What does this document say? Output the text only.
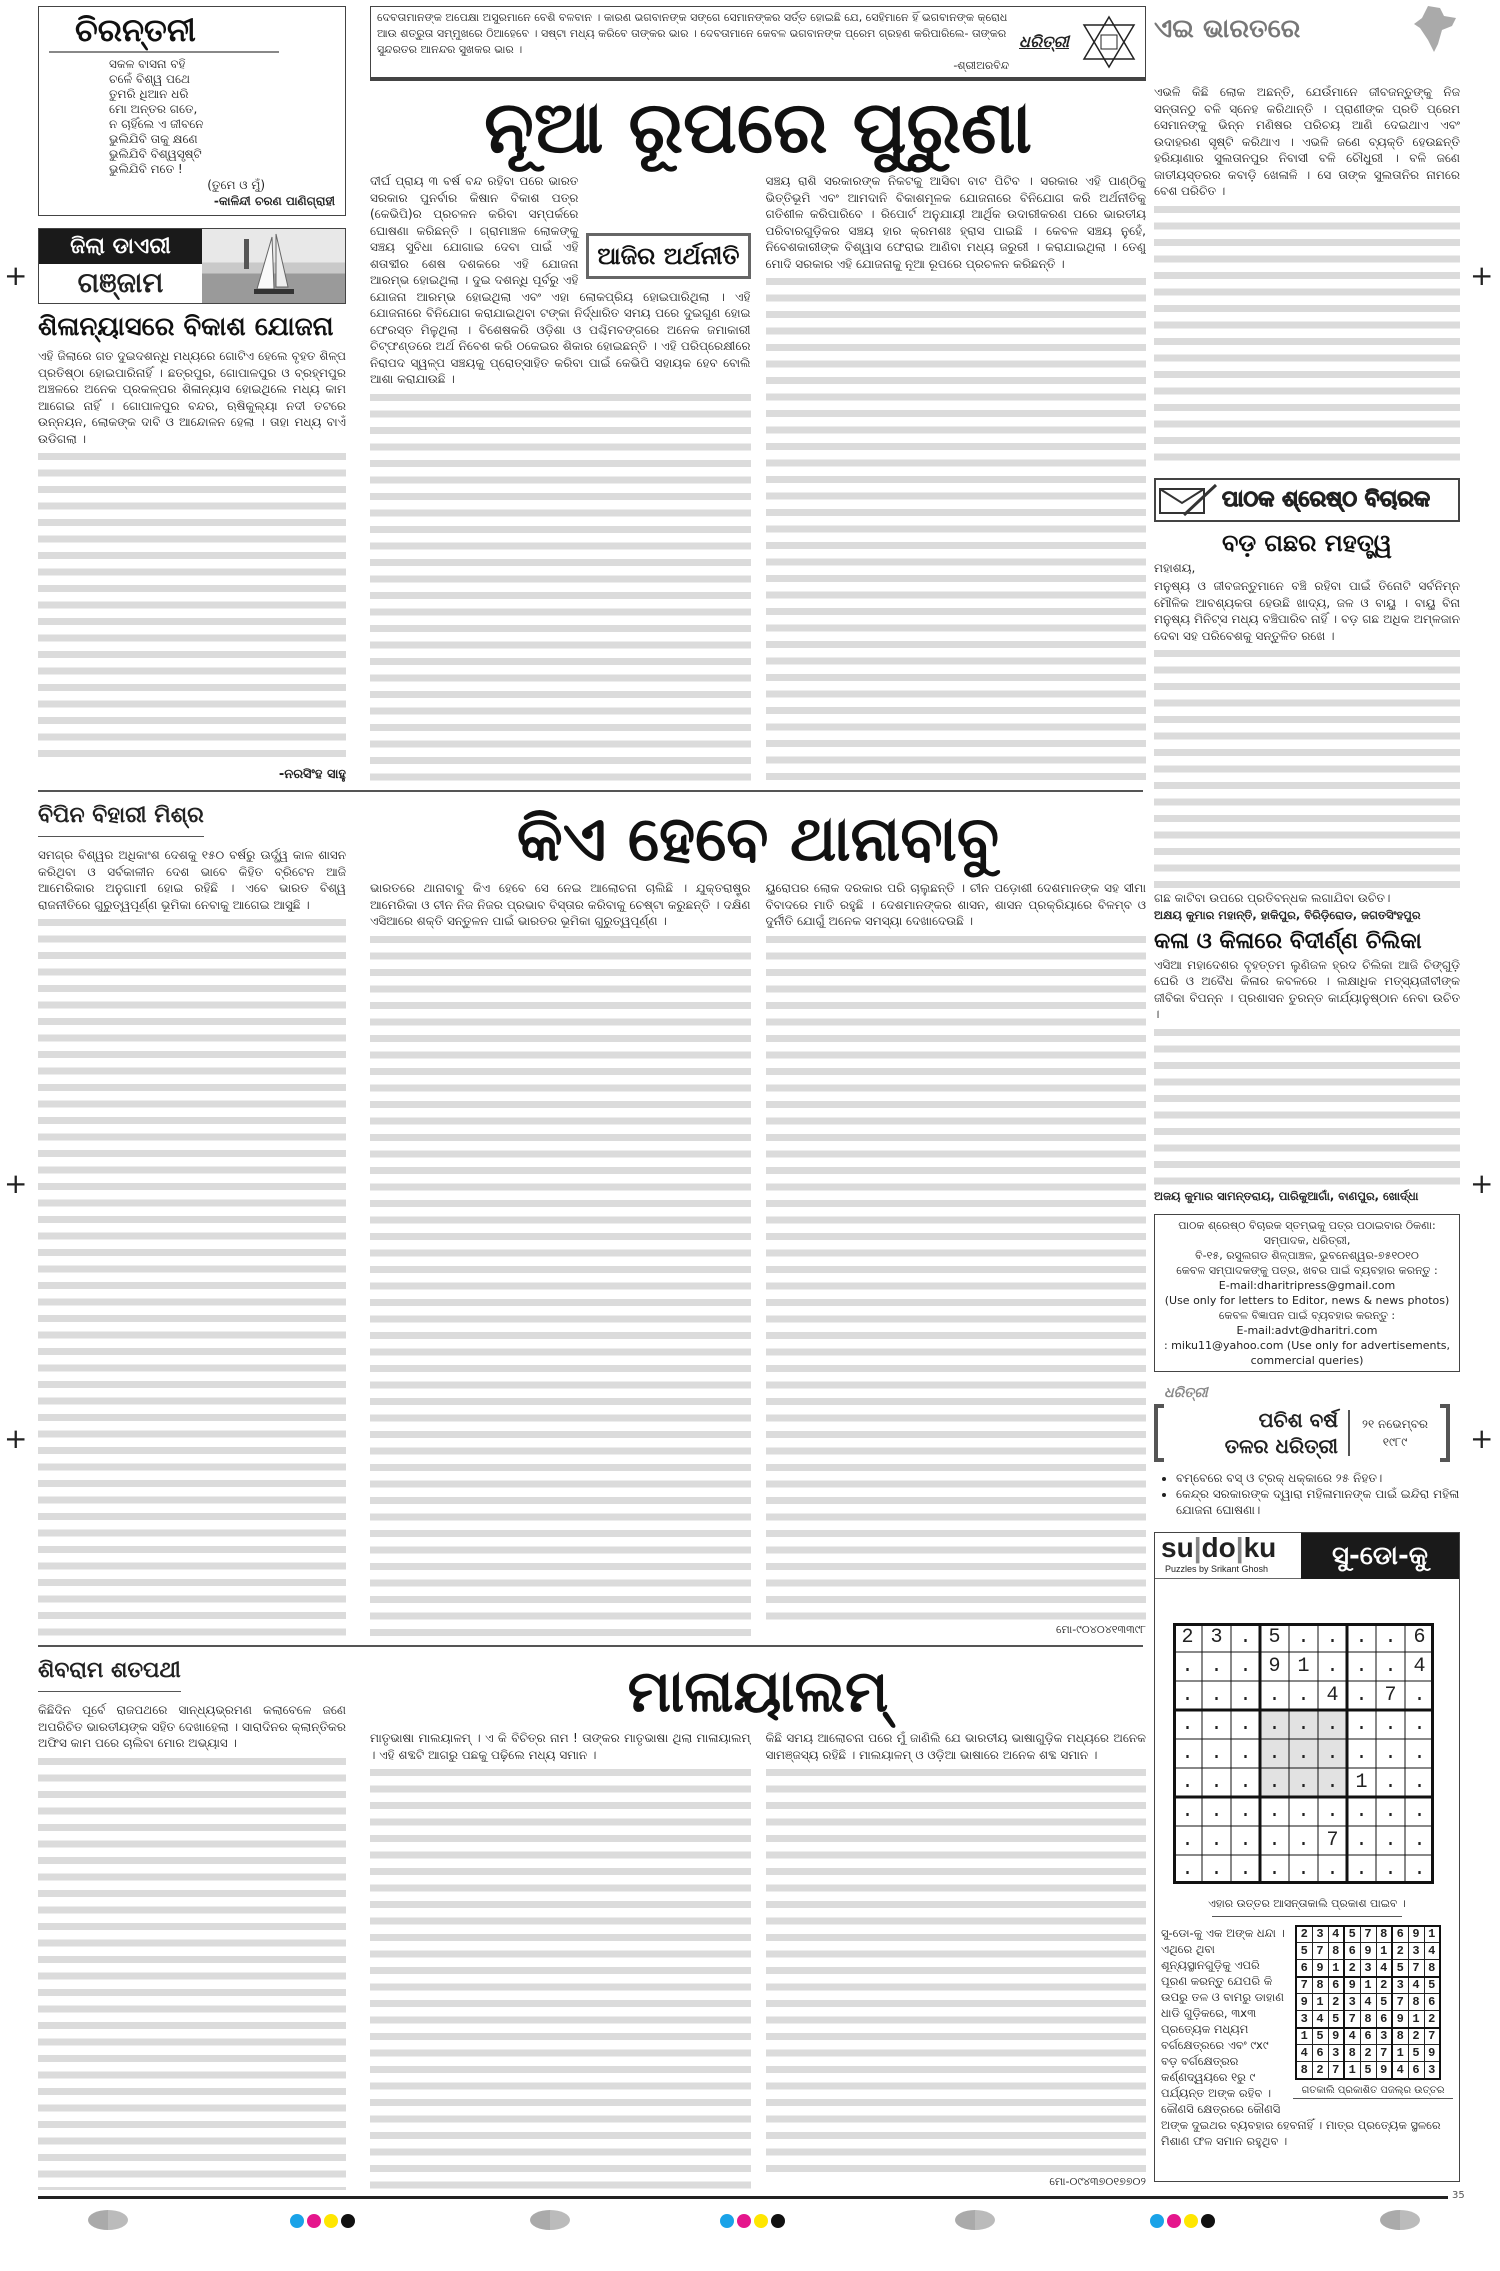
ଚିରନ୍ତନୀ
ସକଳ ବାସନା ବହି
ଚଳେଁ ବିଶ୍ୱ ପଥେ
ତୁମରି ଧିଆନ ଧରି
ମୋ ଅନ୍ତର ଗତେ,
ନ ଚାହିଁଲେ ଏ ଜୀବନେ
ଭୁଲିଯିବି ତାକୁ କ୍ଷଣେ
ଭୁଲିଯିବି ବିଶ୍ୱସୃଷ୍ଟି
ଭୁଲିଯିବି ମତେ !
(ତୁମେ ଓ ମୁଁ)
-କାଳିନ୍ଦୀ ଚରଣ ପାଣିଗ୍ରାହୀ
ଜିଲା ଡାଏରୀ
ଗଞ୍ଜାମ
ଶିଳାନ୍ୟାସରେ ବିକାଶ ଯୋଜନା

ଏହି ଜିଲାରେ ଗତ ଦୁଇଦଶନ୍ଧି ମଧ୍ୟରେ ଗୋଟିଏ ହେଲେ ବୃହତ ଶିଳ୍ପ ପ୍ରତିଷ୍ଠା ହୋଇପାରିନାହିଁ । ଛତ୍ରପୁର, ଗୋପାଳପୁର ଓ ବ୍ରହ୍ମପୁର ଅଞ୍ଚଳରେ ଅନେକ ପ୍ରକଳ୍ପର ଶିଳାନ୍ୟାସ ହୋଇଥିଲେ ମଧ୍ୟ କାମ ଆଗେଇ ନାହିଁ । ଗୋପାଳପୁର ବନ୍ଦର, ଋଷିକୁଲ୍ୟା ନଦୀ ତଟରେ ଉନ୍ନୟନ, ଲୋକଙ୍କ ଦାବି ଓ ଆନ୍ଦୋଳନ ହେଲା । ତାହା ମଧ୍ୟ ବାଏଁ ଉଡିଗଲା ।

-ନରସିଂହ ସାହୁ
ଦେବତାମାନଙ୍କ ଅପେକ୍ଷା ଅସୁରମାନେ ବେଶି ବଳବାନ । କାରଣ ଭଗବାନଙ୍କ ସଙ୍ଗେ ସେମାନଙ୍କର ସର୍ତ୍ତ ହୋଇଛି ଯେ, ସେହିମାନେ ହିଁ ଭଗବାନଙ୍କ କ୍ରୋଧ ଆଉ ଶତ୍ରୁତା ସମ୍ମୁଖରେ ଠିଆହେବେ । ସଷ୍ଟା ମଧ୍ୟ କରିବେ ତାଙ୍କର ଭାର । ଦେବତାମାନେ କେବଳ ଭଗବାନଙ୍କ ପ୍ରେମ ଗ୍ରହଣ କରିପାରିଲେ- ତାଙ୍କର ସୁନ୍ଦରତର ଆନନ୍ଦର ସୁଖକର ଭାର ।
-ଶ୍ରୀଅରବିନ୍ଦ
ଧରିତ୍ରୀ
ନୂଆ ରୂପରେ ପୁରୁଣା
ଆଜିର ଅର୍ଥନୀତି

ଦୀର୍ଘ ପ୍ରାୟ ୩ ବର୍ଷ ବନ୍ଦ ରହିବା ପରେ ଭାରତ ସରକାର ପୁନର୍ବାର କିଷାନ ବିକାଶ ପତ୍ର (କେଭିପି)ର ପ୍ରଚଳନ କରିବା ସମ୍ପର୍କରେ ଘୋଷଣା କରିଛନ୍ତି । ଗ୍ରାମାଞ୍ଚଳ ଲୋକଙ୍କୁ ସଞ୍ଚୟ ସୁବିଧା ଯୋଗାଇ ଦେବା ପାଇଁ ଏହି ଶତାବ୍ଦୀର ଶେଷ ଦଶକରେ ଏହି ଯୋଜନା ଆରମ୍ଭ ହୋଇଥିଲା । ଦୁଇ ଦଶନ୍ଧି ପୂର୍ବରୁ ଏହି ଯୋଜନା ଆରମ୍ଭ ହୋଇଥିଲା ଏବଂ ଏହା ଲୋକପ୍ରିୟ ହୋଇପାରିଥିଲା । ଏହି ଯୋଜନାରେ ବିନିଯୋଗ କରାଯାଇଥିବା ଟଙ୍କା ନିର୍ଦ୍ଧାରିତ ସମୟ ପରେ ଦୁଇଗୁଣ ହୋଇ ଫେରସ୍ତ ମିଳୁଥିଲା । ବିଶେଷକରି ଓଡ଼ିଶା ଓ ପଶ୍ଚିମବଙ୍ଗରେ ଅନେକ ଜମାକାରୀ ଚିଟ୍‌ଫଣ୍ଡରେ ଅର୍ଥ ନିବେଶ କରି ଠକେଇର ଶିକାର ହୋଇଛନ୍ତି । ଏହି ପରିପ୍ରେକ୍ଷୀରେ ନିରାପଦ ସ୍ୱଳ୍ପ ସଞ୍ଚୟକୁ ପ୍ରୋତ୍ସାହିତ କରିବା ପାଇଁ କେଭିପି ସହାୟକ ହେବ ବୋଲି ଆଶା କରାଯାଉଛି ।

ସଞ୍ଚୟ ରାଶି ସରକାରଙ୍କ ନିକଟକୁ ଆସିବା ବାଟ ପିଟିବ । ସରକାର ଏହି ପାଣ୍ଠିକୁ ଭିତ୍ତିଭୂମି ଏବଂ ଆମଦାନି ବିକାଶମୂଳକ ଯୋଜନାରେ ବିନିଯୋଗ କରି ଅର୍ଥନୀତିକୁ ଗତିଶୀଳ କରିପାରିବେ । ରିପୋର୍ଟ ଅନୁଯାୟୀ ଆର୍ଥିକ ଉଦାରୀକରଣ ପରେ ଭାରତୀୟ ପରିବାରଗୁଡ଼ିକର ସଞ୍ଚୟ ହାର କ୍ରମଶଃ ହ୍ରାସ ପାଇଛି । କେବଳ ସଞ୍ଚୟ ନୁହେଁ, ନିବେଶକାରୀଙ୍କ ବିଶ୍ୱାସ ଫେରାଇ ଆଣିବା ମଧ୍ୟ ଜରୁରୀ । କରାଯାଇଥିଲା । ତେଣୁ ମୋଦି ସରକାର ଏହି ଯୋଜନାକୁ ନୂଆ ରୂପରେ ପ୍ରଚଳନ କରିଛନ୍ତି ।

ଏଇ ଭାରତରେ

ଏଭଳି କିଛି ଲୋକ ଅଛନ୍ତି, ଯେଉଁମାନେ ଜୀବଜନ୍ତୁଙ୍କୁ ନିଜ ସନ୍ତାନଠୁ ବଳି ସ୍ନେହ କରିଥାନ୍ତି । ପ୍ରାଣୀଙ୍କ ପ୍ରତି ପ୍ରେମ ସେମାନଙ୍କୁ ଭିନ୍ନ ମଣିଷର ପରିଚୟ ଆଣି ଦେଇଥାଏ ଏବଂ ଉଦାହରଣ ସୃଷ୍ଟି କରିଥାଏ । ଏଭଳି ଜଣେ ବ୍ୟକ୍ତି ହେଉଛନ୍ତି ହରିୟାଣାର ସୁଲତାନପୁର ନିବାସୀ ବଳି ଚୌଧୁରୀ । ବଳି ଜଣେ ଜାତୀୟସ୍ତରର କବାଡ଼ି ଖେଳାଳି । ସେ ତାଙ୍କ ସୁଲତାନିର ନାମରେ ବେଶ ପରିଚିତ ।

ପାଠକ ଶ୍ରେଷ୍ଠ ବିଚାରକ
ବଡ଼ ଗଛର ମହତ୍ତ୍ୱ

ମହାଶୟ,

ମନୁଷ୍ୟ ଓ ଜୀବଜନ୍ତୁମାନେ ବଞ୍ଚି ରହିବା ପାଇଁ ତିନୋଟି ସର୍ବନିମ୍ନ ମୌଳିକ ଆବଶ୍ୟକତା ହେଉଛି ଖାଦ୍ୟ, ଜଳ ଓ ବାୟୁ । ବାୟୁ ବିନା ମନୁଷ୍ୟ ମିନିଟ୍ସ ମଧ୍ୟ ବଞ୍ଚିପାରିବ ନାହିଁ । ବଡ଼ ଗଛ ଅଧିକ ଅମ୍ଳଜାନ ଦେବା ସହ ପରିବେଶକୁ ସନ୍ତୁଳିତ ରଖେ ।

ଗଛ କାଟିବା ଉପରେ ପ୍ରତିବନ୍ଧକ ଲଗାଯିବା ଉଚିତ।

ଅକ୍ଷୟ କୁମାର ମହାନ୍ତି, ହାକିପୁର, ବିରିଡ଼ିରୋଡ, ଜଗତସିଂହପୁର
କଳା ଓ କିଳାରେ ବିଦୀର୍ଣ୍ଣ ଚିଲିକା

ଏସିଆ ମହାଦେଶର ବୃହତ୍ତମ ଲୁଣିଜଳ ହ୍ରଦ ଚିଲିକା ଆଜି ଚିଙ୍ଗୁଡ଼ି ଘେରି ଓ ଅବୈଧ କିଳାର କବଳରେ । ଲକ୍ଷାଧିକ ମତ୍ସ୍ୟଜୀବୀଙ୍କ ଜୀବିକା ବିପନ୍ନ । ପ୍ରଶାସନ ତୁରନ୍ତ କାର୍ଯ୍ୟାନୁଷ୍ଠାନ ନେବା ଉଚିତ ।

ଅଜୟ କୁମାର ସାମନ୍ତରାୟ, ପାରିକୁଆଗାଁ, ବାଣପୁର, ଖୋର୍ଦ୍ଧା
ପାଠକ ଶ୍ରେଷ୍ଠ ବିଚାରକ ସ୍ତମ୍ଭକୁ ପତ୍ର ପଠାଇବାର ଠିକଣା:
ସମ୍ପାଦକ, ଧରିତ୍ରୀ,
ବି-୧୫, ରସୁଲଗଡ ଶିଳ୍ପାଞ୍ଚଳ, ଭୁବନେଶ୍ୱର-୭୫୧୦୧୦
କେବଳ ସମ୍ପାଦକଙ୍କୁ ପତ୍ର, ଖବର ପାଇଁ ବ୍ୟବହାର କରନ୍ତୁ :
E-mail:dharitripress@gmail.com
(Use only for letters to Editor, news & news photos)
କେବଳ ବିଜ୍ଞାପନ ପାଇଁ ବ୍ୟବହାର କରନ୍ତୁ :
E-mail:advt@dharitri.com
: miku11@yahoo.com (Use only for advertisements, commercial queries)
ଧରିତ୍ରୀ
ପଚିଶ ବର୍ଷ
ତଳର ଧରିତ୍ରୀ
୨୧ ନଭେମ୍ବର
୧୯୮୯
• ବମ୍ବେରେ ବସ୍ ଓ ଟ୍ରକ୍ ଧକ୍କାରେ ୨୫ ନିହତ।
• କେନ୍ଦ୍ର ସରକାରଙ୍କ ଦ୍ୱାରା ମହିଳାମାନଙ୍କ ପାଇଁ ଇନ୍ଦିରା ମହିଳା ଯୋଜନା ଘୋଷଣା।
su|do|ku
Puzzles by Srikant Ghosh	ସୁ-ଡୋ-କୁ
23.5....6
...91...4
.....4.7.
.........
.........
......1..
.........
.....7...
.........
ଏହାର ଉତ୍ତର ଆସନ୍ତାକାଲି ପ୍ରକାଶ ପାଇବ ।
2	3	4	5	7	8	6	9	1
5	7	8	6	9	1	2	3	4
6	9	1	2	3	4	5	7	8
7	8	6	9	1	2	3	4	5
9	1	2	3	4	5	7	8	6
3	4	5	7	8	6	9	1	2
1	5	9	4	6	3	8	2	7
4	6	3	8	2	7	1	5	9
8	2	7	1	5	9	4	6	3
ଗତକାଲି ପ୍ରକାଶିତ ପଜଲ୍‌ର ଉତ୍ତର
ସୁ-ଡୋ-କୁ ଏକ ଅଙ୍କ ଧନ୍ଦା । ଏଥିରେ ଥିବା ଶୂନ୍ୟସ୍ଥାନଗୁଡ଼ିକୁ ଏପରି ପୂରଣ କରନ୍ତୁ ଯେପରି କି ଉପରୁ ତଳ ଓ ବାମରୁ ଡାହାଣ ଧାଡି ଗୁଡ଼ିକରେ, ୩x୩ ପ୍ରତ୍ୟେକ ମଧ୍ୟମ ବର୍ଗକ୍ଷେତ୍ରରେ ଏବଂ ୯x୯ ବଡ଼ ବର୍ଗକ୍ଷେତ୍ରର କର୍ଣ୍ଣଦ୍ୱୟରେ ୧ରୁ ୯ ପର୍ଯ୍ୟନ୍ତ ଅଙ୍କ ରହିବ । କୌଣସି କ୍ଷେତ୍ରରେ କୌଣସି ଅଙ୍କ ଦୁଇଥର ବ୍ୟବହାର ହେବନାହିଁ । ମାତ୍ର ପ୍ରତ୍ୟେକ ସ୍ଥଳରେ ମିଶାଣ ଫଳ ସମାନ ରହୁଥିବ ।
ବିପିନ ବିହାରୀ ମିଶ୍ର

ସମଗ୍ର ବିଶ୍ୱର ଅଧିକାଂଶ ଦେଶକୁ ୧୫୦ ବର୍ଷରୁ ଊର୍ଦ୍ଧ୍ୱ କାଳ ଶାସନ କରିଥିବା ଓ ସର୍ବକାଳୀନ ଦେଶ ଭାବେ କିହିତ ବ୍ରିଟେନ ଆଜି ଆମେରିକାର ଅନୁଗାମୀ ହୋଇ ରହିଛି । ଏବେ ଭାରତ ବିଶ୍ୱ ରାଜନୀତିରେ ଗୁରୁତ୍ୱପୂର୍ଣ୍ଣ ଭୂମିକା ନେବାକୁ ଆଗେଇ ଆସୁଛି ।

କିଏ ହେବେ ଥାନାବାବୁ

ଭାରତରେ ଥାନାବାବୁ କିଏ ହେବେ ସେ ନେଇ ଆଲୋଚନା ଚାଲିଛି । ଯୁକ୍ତରାଷ୍ଟ୍ର ଆମେରିକା ଓ ଚୀନ ନିଜ ନିଜର ପ୍ରଭାବ ବିସ୍ତାର କରିବାକୁ ଚେଷ୍ଟା କରୁଛନ୍ତି । ଦକ୍ଷିଣ ଏସିଆରେ ଶକ୍ତି ସନ୍ତୁଳନ ପାଇଁ ଭାରତର ଭୂମିକା ଗୁରୁତ୍ୱପୂର୍ଣ୍ଣ ।

ୟୁରୋପର ଲୋକ ଦରକାର ପରି ଚାଲୁଛନ୍ତି । ଚୀନ ପଡ଼ୋଶୀ ଦେଶମାନଙ୍କ ସହ ସୀମା ବିବାଦରେ ମାତି ରହୁଛି । ଦେଶମାନଙ୍କର ଶାସନ, ଶାସନ ପ୍ରକ୍ରିୟାରେ ବିଳମ୍ବ ଓ ଦୁର୍ନୀତି ଯୋଗୁଁ ଅନେକ ସମସ୍ୟା ଦେଖାଦେଉଛି ।

ମୋ-୯୦୪୦୪୧୩୩୯୮
ଶିବରାମ ଶତପଥୀ

କିଛିଦିନ ପୂର୍ବେ ରାଜପଥରେ ସାନ୍ଧ୍ୟଭ୍ରମଣ କଲାବେଳେ ଜଣେ ଅପରିଚିତ ଭାରତୀୟଙ୍କ ସହିତ ଦେଖାହେଲା । ସାରାଦିନର କ୍ଲାନ୍ତିକର ଅଫିସ କାମ ପରେ ଚାଲିବା ମୋର ଅଭ୍ୟାସ ।

ମାଳାୟାଲମ୍

ମାତୃଭାଷା ମାଲୟାଳମ୍ । ଏ କି ବିଚିତ୍ର ନାମ ! ତାଙ୍କର ମାତୃଭାଷା ଥିଲା ମାଳାୟାଲମ୍ । ଏହି ଶବ୍ଦଟି ଆଗରୁ ପଛକୁ ପଢ଼ିଲେ ମଧ୍ୟ ସମାନ ।

କିଛି ସମୟ ଆଲୋଚନା ପରେ ମୁଁ ଜାଣିଲି ଯେ ଭାରତୀୟ ଭାଷାଗୁଡ଼ିକ ମଧ୍ୟରେ ଅନେକ ସାମଞ୍ଜସ୍ୟ ରହିଛି । ମାଲୟାଳମ୍ ଓ ଓଡ଼ିଆ ଭାଷାରେ ଅନେକ ଶବ୍ଦ ସମାନ ।

ମୋ-୦୯୪୩୭୦୧୭୭୦୨
35
+
+
+
+
+
+
